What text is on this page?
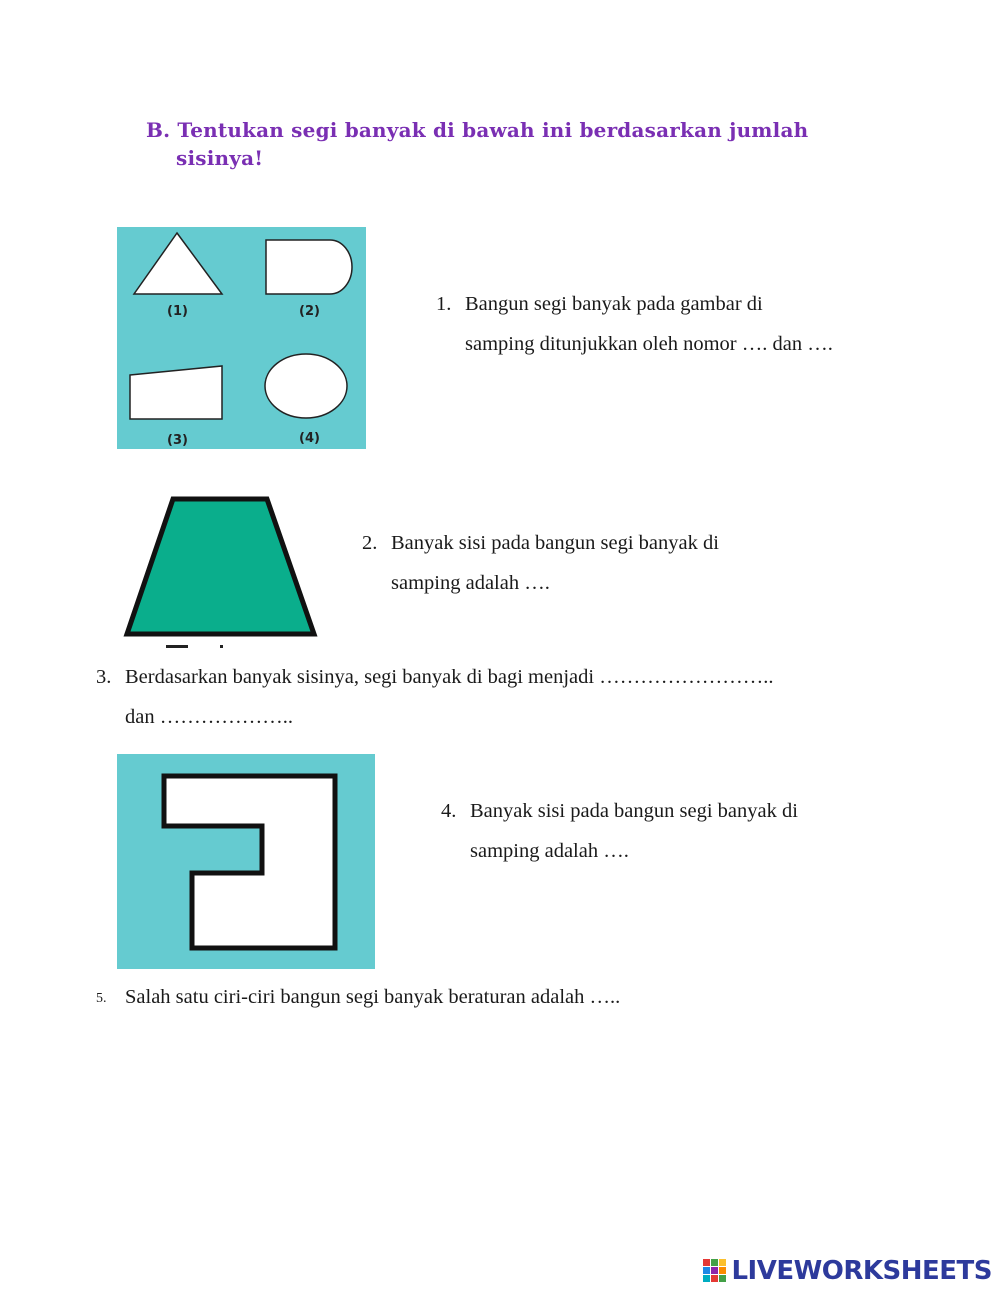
B. Tentukan segi banyak di bawah ini berdasarkan jumlah
sisinya!
(1)	(2)
(3)	(4)
1. Bangun segi banyak pada gambar di
samping ditunjukkan oleh nomor …. dan ….
2. Banyak sisi pada bangun segi banyak di
samping adalah ….
3. Berdasarkan banyak sisinya, segi banyak di bagi menjadi ……………………..
dan ………………..
4. Banyak sisi pada bangun segi banyak di
samping adalah ….
5. Salah satu ciri-ciri bangun segi banyak beraturan adalah …..
LIVEWORKSHEETS
